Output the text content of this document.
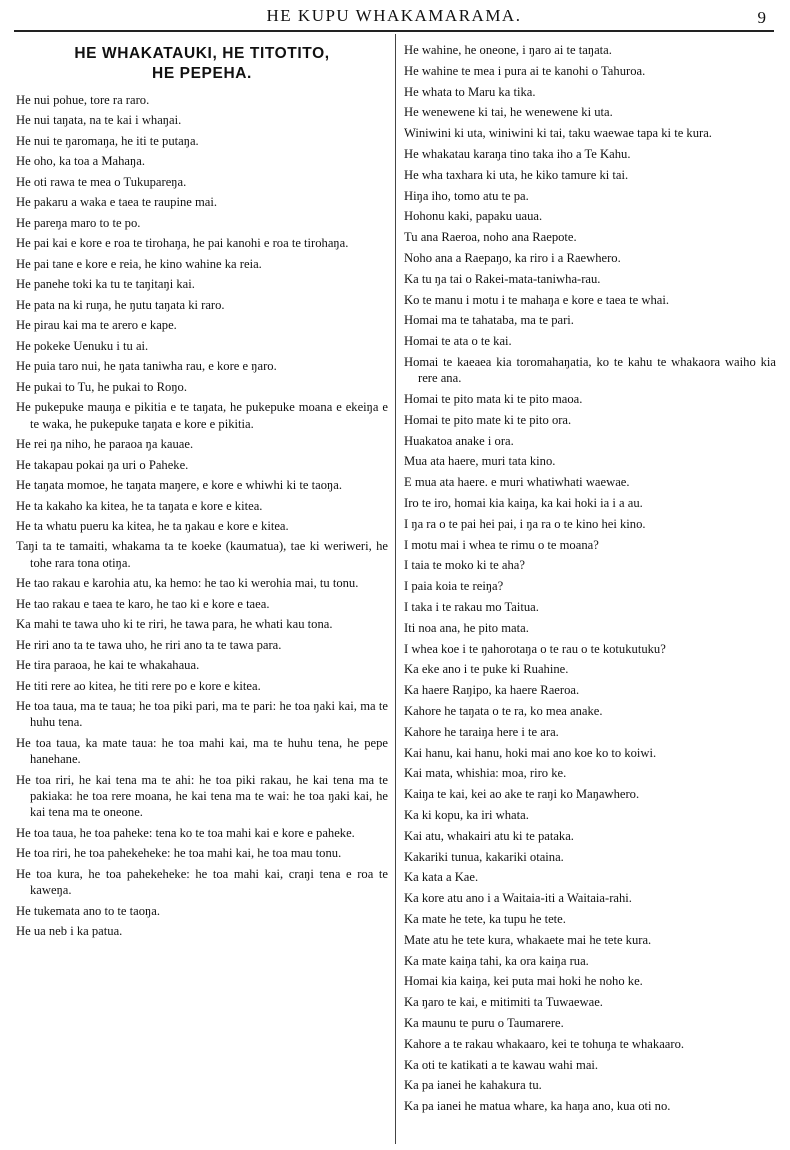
HE KUPU WHAKAMARAMA.	9
HE WHAKATAUKI, HE TITOTITO,
HE PEPEHA.
He nui pohue, tore ra raro.
He nui taŋata, na te kai i whaŋai.
He nui te ŋaromaŋa, he iti te putaŋa.
He oho, ka toa a Mahaŋa.
He oti rawa te mea o Tukupareŋa.
He pakaru a waka e taea te raupine mai.
He pareŋa maro to te po.
He pai kai e kore e roa te tirohaŋa, he pai kanohi e roa te tirohaŋa.
He pai tane e kore e reia, he kino wahine ka reia.
He panehe toki ka tu te taŋitaŋi kai.
He pata na ki ruŋa, he ŋutu taŋata ki raro.
He pirau kai ma te arero e kape.
He pokeke Uenuku i tu ai.
He puia taro nui, he ŋata taniwha rau, e kore e ŋaro.
He pukai to Tu, he pukai to Roŋo.
He pukepuke mauŋa e pikitia e te taŋata, he pukepuke moana e ekeiŋa e te waka, he pukepuke taŋata e kore e pikitia.
He rei ŋa niho, he paraoa ŋa kauae.
He takapau pokai ŋa uri o Paheke.
He taŋata momoe, he taŋata maŋere, e kore e whiwhi ki te taoŋa.
He ta kakaho ka kitea, he ta taŋata e kore e kitea.
He ta whatu pueru ka kitea, he ta ŋakau e kore e kitea.
Taŋi ta te tamaiti, whakama ta te koeke (kaumatua), tae ki weriweri, he tohe rara tona otiŋa.
He tao rakau e karohia atu, ka hemo: he tao ki werohia mai, tu tonu.
He tao rakau e taea te karo, he tao ki e kore e taea.
Ka mahi te tawa uho ki te riri, he tawa para, he whati kau tona.
He riri ano ta te tawa uho, he riri ano ta te tawa para.
He tira paraoa, he kai te whakahaua.
He titi rere ao kitea, he titi rere po e kore e kitea.
He toa taua, ma te taua; he toa piki pari, ma te pari: he toa ŋaki kai, ma te huhu tena.
He toa taua, ka mate taua: he toa mahi kai, ma te huhu tena, he pepe hanehane.
He toa riri, he kai tena ma te ahi: he toa piki rakau, he kai tena ma te pakiaka: he toa rere moana, he kai tena ma te wai: he toa ŋaki kai, he kai tena ma te oneone.
He toa taua, he toa paheke: tena ko te toa mahi kai e kore e paheke.
He toa riri, he toa pahekeheke: he toa mahi kai, he toa mau tonu.
He toa kura, he toa pahekeheke: he toa mahi kai, craŋi tena e roa te kaweŋa.
He tukemata ano to te taoŋa.
He ua neb i ka patua.
He wahine, he oneone, i ŋaro ai te taŋata.
He wahine te mea i pura ai te kanohi o Tahuroa.
He whata to Maru ka tika.
He wenewene ki tai, he wenewene ki uta.
Winiwini ki uta, winiwini ki tai, taku waewae tapa ki te kura.
He whakatau karaŋa tino taka iho a Te Kahu.
He wha taxhara ki uta, he kiko tamure ki tai.
Hiŋa iho, tomo atu te pa.
Hohonu kaki, papaku uaua.
Tu ana Raeroa, noho ana Raepote.
Noho ana a Raepaŋo, ka riro i a Raewhero.
Ka tu ŋa tai o Rakei-mata-taniwha-rau.
Ko te manu i motu i te mahaŋa e kore e taea te whai.
Homai ma te tahataba, ma te pari.
Homai te ata o te kai.
Homai te kaeaea kia toromahaŋatia, ko te kahu te whakaora waiho kia rere ana.
Homai te pito mata ki te pito maoa.
Homai te pito mate ki te pito ora.
Huakatoa anake i ora.
Mua ata haere, muri tata kino.
E mua ata haere. e muri whatiwhati waewae.
Iro te iro, homai kia kaiŋa, ka kai hoki ia i a au.
I ŋa ra o te pai hei pai, i ŋa ra o te kino hei kino.
I motu mai i whea te rimu o te moana?
I taia te moko ki te aha?
I paia koia te reiŋa?
I taka i te rakau mo Taitua.
Iti noa ana, he pito mata.
I whea koe i te ŋahorotaŋa o te rau o te kotukutuku?
Ka eke ano i te puke ki Ruahine.
Ka haere Raŋipo, ka haere Raeroa.
Kahore he taŋata o te ra, ko mea anake.
Kahore he taraiŋa here i te ara.
Kai hanu, kai hanu, hoki mai ano koe ko to koiwi.
Kai mata, whishia: moa, riro ke.
Kaiŋa te kai, kei ao ake te raŋi ko Maŋawhero.
Ka ki kopu, ka iri whata.
Kai atu, whakairi atu ki te pataka.
Kakariki tunua, kakariki otaina.
Ka kata a Kae.
Ka kore atu ano i a Waitaia-iti a Waitaia-rahi.
Ka mate he tete, ka tupu he tete.
Mate atu he tete kura, whakaete mai he tete kura.
Ka mate kaiŋa tahi, ka ora kaiŋa rua.
Homai kia kaiŋa, kei puta mai hoki he noho ke.
Ka ŋaro te kai, e mitimiti ta Tuwaewae.
Ka maunu te puru o Taumarere.
Kahore a te rakau whakaaro, kei te tohuŋa te whakaaro.
Ka oti te katikati a te kawau wahi mai.
Ka pa ianei he kahakura tu.
Ka pa ianei he matua whare, ka haŋa ano, kua oti no.
